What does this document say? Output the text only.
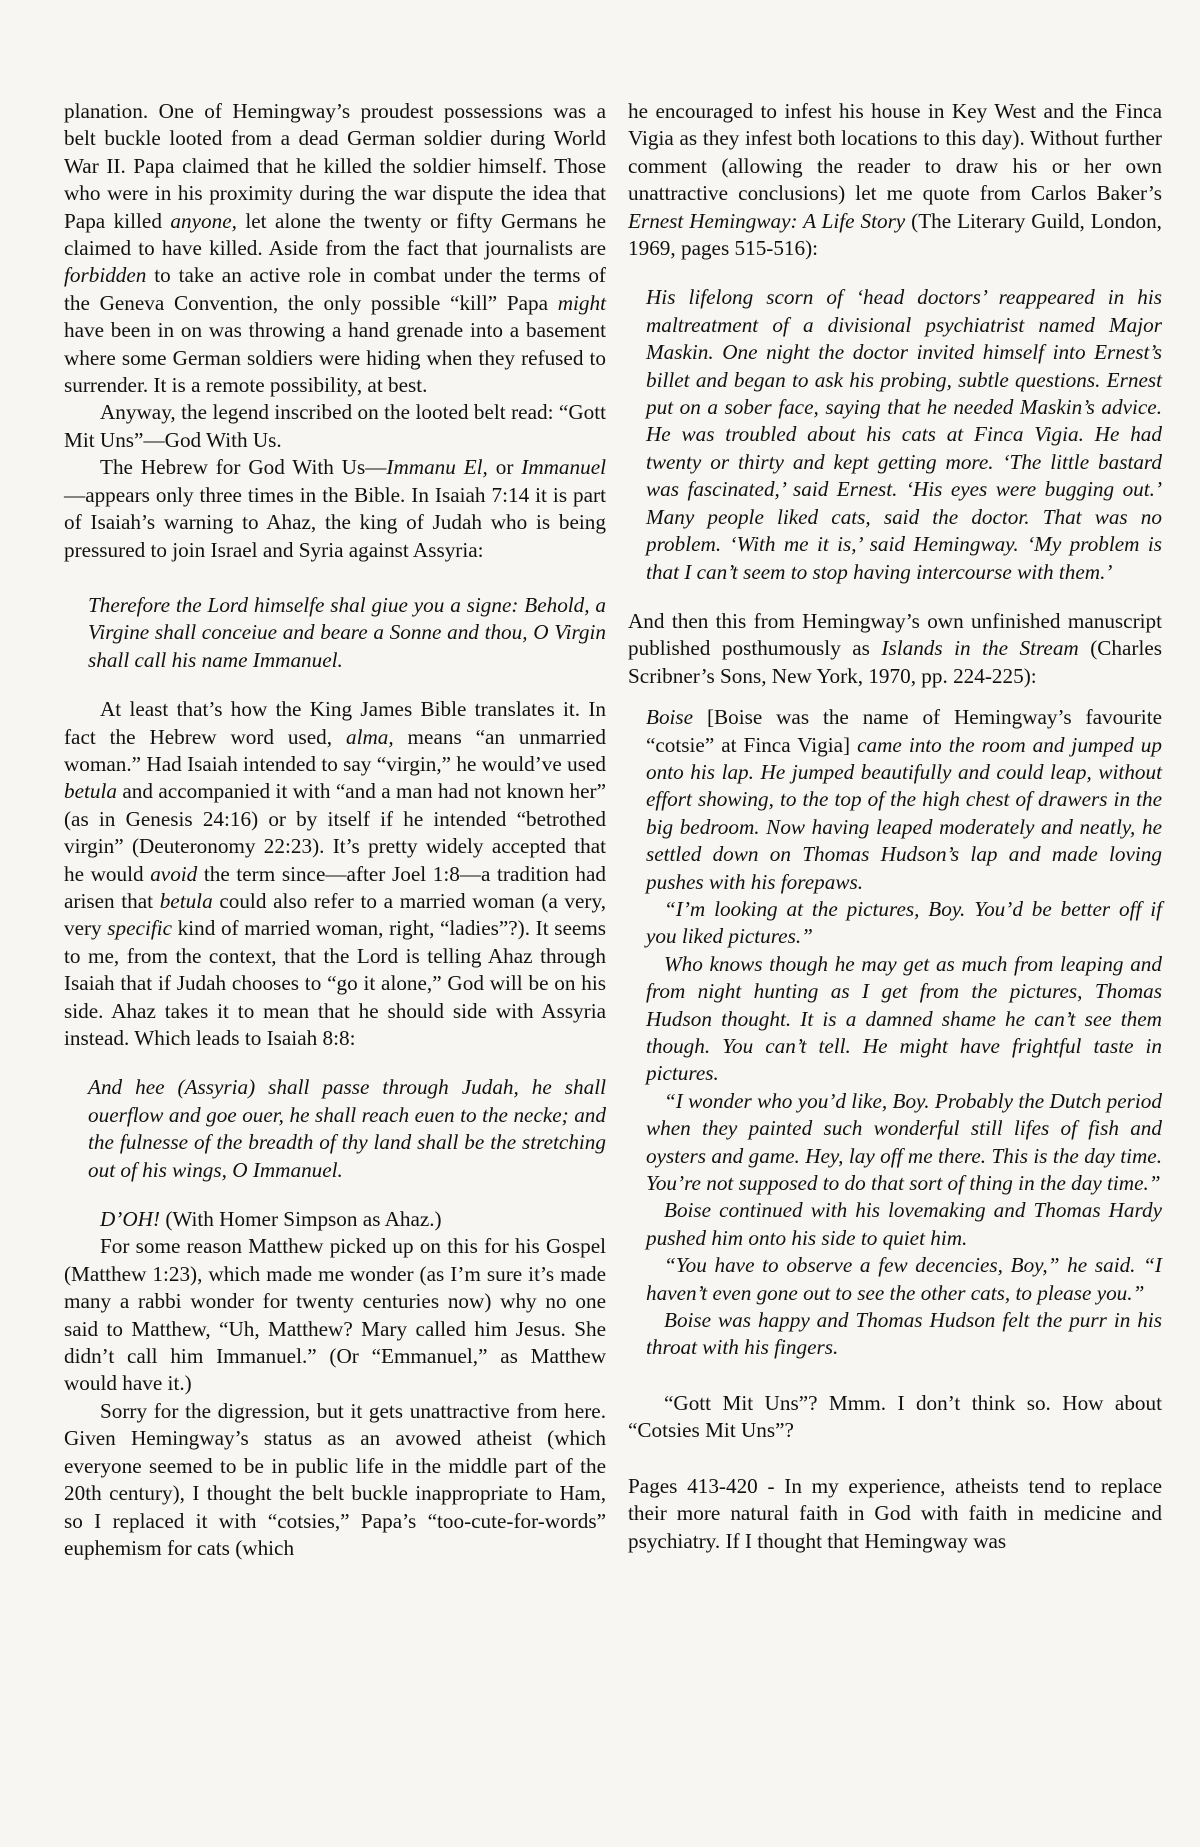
planation. One of Hemingway’s proudest possessions was a belt buckle looted from a dead German soldier during World War II. Papa claimed that he killed the soldier himself. Those who were in his proximity during the war dispute the idea that Papa killed anyone, let alone the twenty or fifty Germans he claimed to have killed. Aside from the fact that journalists are forbidden to take an active role in combat under the terms of the Geneva Convention, the only possible “kill” Papa might have been in on was throwing a hand grenade into a basement where some German soldiers were hiding when they refused to surrender. It is a remote possibility, at best.

Anyway, the legend inscribed on the looted belt read: “Gott Mit Uns”—God With Us.

The Hebrew for God With Us—Immanu El, or Immanuel—appears only three times in the Bible. In Isaiah 7:14 it is part of Isaiah’s warning to Ahaz, the king of Judah who is being pressured to join Israel and Syria against Assyria:

Therefore the Lord himselfe shal giue you a signe: Behold, a Virgine shall conceiue and beare a Sonne and thou, O Virgin shall call his name Immanuel.

At least that’s how the King James Bible translates it. In fact the Hebrew word used, alma, means “an unmarried woman.” Had Isaiah intended to say “virgin,” he would’ve used betula and accompanied it with “and a man had not known her” (as in Genesis 24:16) or by itself if he intended “betrothed virgin” (Deuteronomy 22:23). It’s pretty widely accepted that he would avoid the term since—after Joel 1:8—a tradition had arisen that betula could also refer to a married woman (a very, very specific kind of married woman, right, “ladies”?). It seems to me, from the context, that the Lord is telling Ahaz through Isaiah that if Judah chooses to “go it alone,” God will be on his side. Ahaz takes it to mean that he should side with Assyria instead. Which leads to Isaiah 8:8:

And hee (Assyria) shall passe through Judah, he shall ouerflow and goe ouer, he shall reach euen to the necke; and the fulnesse of the breadth of thy land shall be the stretching out of his wings, O Immanuel.

D’OH! (With Homer Simpson as Ahaz.)

For some reason Matthew picked up on this for his Gospel (Matthew 1:23), which made me wonder (as I’m sure it’s made many a rabbi wonder for twenty centuries now) why no one said to Matthew, “Uh, Matthew? Mary called him Jesus. She didn’t call him Immanuel.” (Or “Emmanuel,” as Matthew would have it.)

Sorry for the digression, but it gets unattractive from here. Given Hemingway’s status as an avowed atheist (which everyone seemed to be in public life in the middle part of the 20th century), I thought the belt buckle inappropriate to Ham, so I replaced it with “cotsies,” Papa’s “too-cute-for-words” euphemism for cats (which

he encouraged to infest his house in Key West and the Finca Vigia as they infest both locations to this day). Without further comment (allowing the reader to draw his or her own unattractive conclusions) let me quote from Carlos Baker’s Ernest Hemingway: A Life Story (The Literary Guild, London, 1969, pages 515-516):

His lifelong scorn of ‘head doctors’ reappeared in his maltreatment of a divisional psychiatrist named Major Maskin. One night the doctor invited himself into Ernest’s billet and began to ask his probing, subtle questions. Ernest put on a sober face, saying that he needed Maskin’s advice. He was troubled about his cats at Finca Vigia. He had twenty or thirty and kept getting more. ‘The little bastard was fascinated,’ said Ernest. ‘His eyes were bugging out.’ Many people liked cats, said the doctor. That was no problem. ‘With me it is,’ said Hemingway. ‘My problem is that I can’t seem to stop having intercourse with them.’

And then this from Hemingway’s own unfinished manuscript published posthumously as Islands in the Stream (Charles Scribner’s Sons, New York, 1970, pp. 224-225):

Boise [Boise was the name of Hemingway’s favourite “cotsie” at Finca Vigia] came into the room and jumped up onto his lap. He jumped beautifully and could leap, without effort showing, to the top of the high chest of drawers in the big bedroom. Now having leaped moderately and neatly, he settled down on Thomas Hudson’s lap and made loving pushes with his forepaws.

“I’m looking at the pictures, Boy. You’d be better off if you liked pictures.”

Who knows though he may get as much from leaping and from night hunting as I get from the pictures, Thomas Hudson thought. It is a damned shame he can’t see them though. You can’t tell. He might have frightful taste in pictures.

“I wonder who you’d like, Boy. Probably the Dutch period when they painted such wonderful still lifes of fish and oysters and game. Hey, lay off me there. This is the day time. You’re not supposed to do that sort of thing in the day time.”

Boise continued with his lovemaking and Thomas Hardy pushed him onto his side to quiet him.

“You have to observe a few decencies, Boy,” he said. “I haven’t even gone out to see the other cats, to please you.”

Boise was happy and Thomas Hudson felt the purr in his throat with his fingers.

“Gott Mit Uns”? Mmm. I don’t think so. How about “Cotsies Mit Uns”?

Pages 413-420 - In my experience, atheists tend to replace their more natural faith in God with faith in medicine and psychiatry. If I thought that Hemingway was
